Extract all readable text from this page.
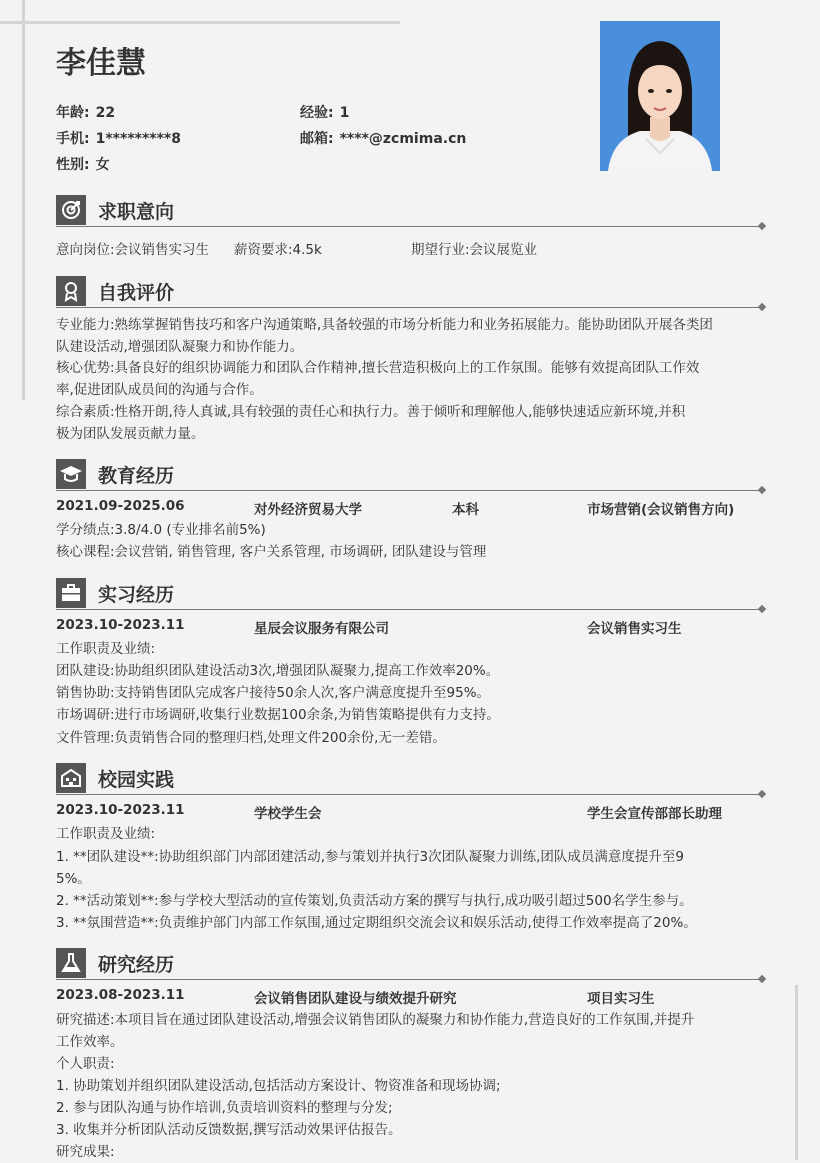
李佳慧
年龄: 22	经验: 1
手机: 1*********8	邮箱: ****@zcmima.cn
性别: 女
求职意向
意向岗位:会议销售实习生 薪资要求:4.5k	期望行业:会议展览业
自我评价

专业能力:熟练掌握销售技巧和客户沟通策略,具备较强的市场分析能力和业务拓展能力。能协助团队开展各类团

队建设活动,增强团队凝聚力和协作能力。

核心优势:具备良好的组织协调能力和团队合作精神,擅长营造积极向上的工作氛围。能够有效提高团队工作效

率,促进团队成员间的沟通与合作。

综合素质:性格开朗,待人真诚,具有较强的责任心和执行力。善于倾听和理解他人,能够快速适应新环境,并积

极为团队发展贡献力量。

教育经历
2021.09-2025.06	对外经济贸易大学	本科	市场营销(会议销售方向)

学分绩点:3.8/4.0 (专业排名前5%)

核心课程:会议营销, 销售管理, 客户关系管理, 市场调研, 团队建设与管理

实习经历
2023.10-2023.11	星辰会议服务有限公司	会议销售实习生

工作职责及业绩:

团队建设:协助组织团队建设活动3次,增强团队凝聚力,提高工作效率20%。

销售协助:支持销售团队完成客户接待50余人次,客户满意度提升至95%。

市场调研:进行市场调研,收集行业数据100余条,为销售策略提供有力支持。

文件管理:负责销售合同的整理归档,处理文件200余份,无一差错。

校园实践
2023.10-2023.11	学校学生会	学生会宣传部部长助理

工作职责及业绩:

1. **团队建设**:协助组织部门内部团建活动,参与策划并执行3次团队凝聚力训练,团队成员满意度提升至9

5%。

2. **活动策划**:参与学校大型活动的宣传策划,负责活动方案的撰写与执行,成功吸引超过500名学生参与。

3. **氛围营造**:负责维护部门内部工作氛围,通过定期组织交流会议和娱乐活动,使得工作效率提高了20%。

研究经历
2023.08-2023.11	会议销售团队建设与绩效提升研究	项目实习生

研究描述:本项目旨在通过团队建设活动,增强会议销售团队的凝聚力和协作能力,营造良好的工作氛围,并提升

工作效率。

个人职责:

1. 协助策划并组织团队建设活动,包括活动方案设计、物资准备和现场协调;

2. 参与团队沟通与协作培训,负责培训资料的整理与分发;

3. 收集并分析团队活动反馈数据,撰写活动效果评估报告。

研究成果:
